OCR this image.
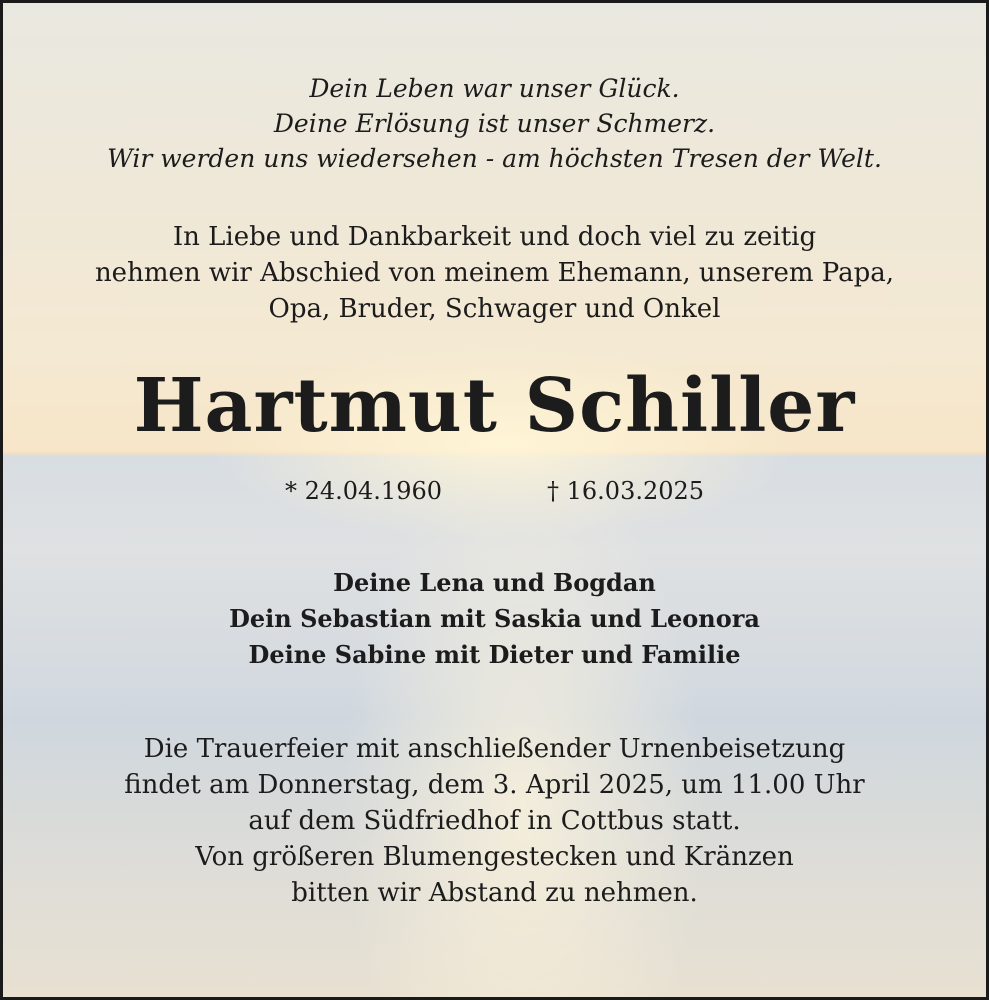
Dein Leben war unser Glück.
Deine Erlösung ist unser Schmerz.
Wir werden uns wiedersehen - am höchsten Tresen der Welt.
In Liebe und Dankbarkeit und doch viel zu zeitig
nehmen wir Abschied von meinem Ehemann, unserem Papa,
Opa, Bruder, Schwager und Onkel
Hartmut Schiller
* 24.04.1960	† 16.03.2025
Deine Lena und Bogdan
Dein Sebastian mit Saskia und Leonora
Deine Sabine mit Dieter und Familie
Die Trauerfeier mit anschließender Urnenbeisetzung
findet am Donnerstag, dem 3. April 2025, um 11.00 Uhr
auf dem Südfriedhof in Cottbus statt.
Von größeren Blumengestecken und Kränzen
bitten wir Abstand zu nehmen.
